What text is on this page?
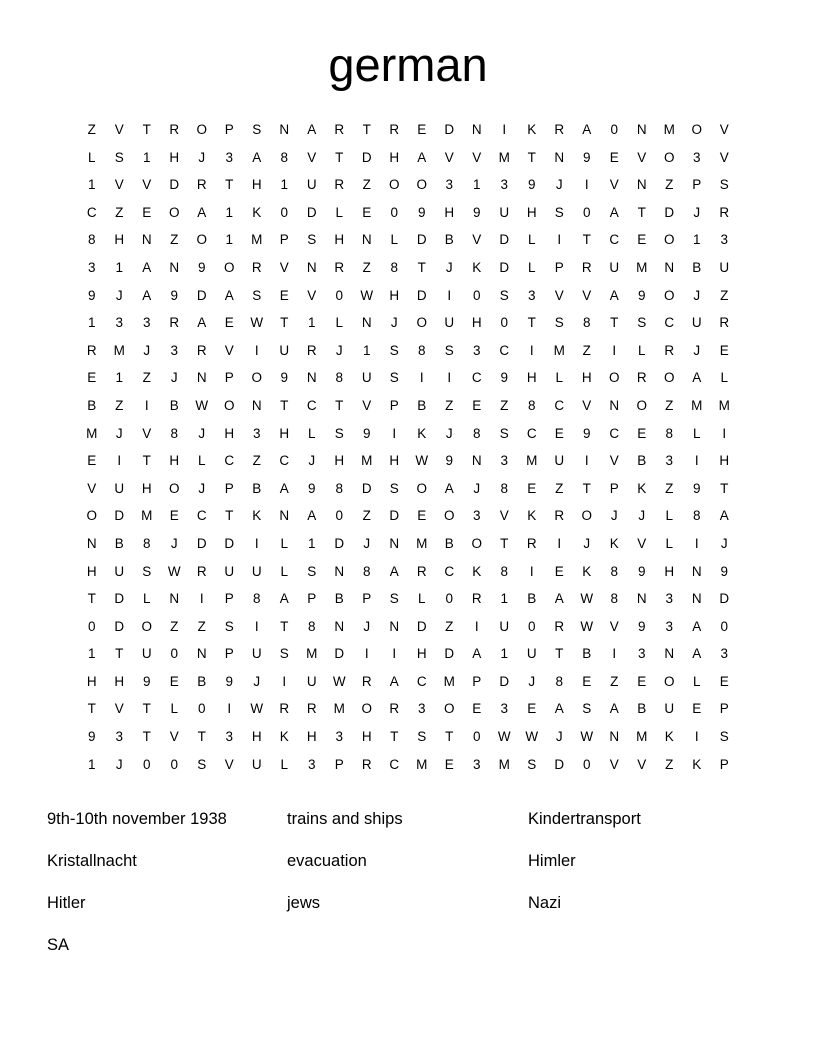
german
Z	V	T	R	O	P	S	N	A	R	T	R	E	D	N	I	K	R	A	0	N	M	O	V
L	S	1	H	J	3	A	8	V	T	D	H	A	V	V	M	T	N	9	E	V	O	3	V
1	V	V	D	R	T	H	1	U	R	Z	O	O	3	1	3	9	J	I	V	N	Z	P	S
C	Z	E	O	A	1	K	0	D	L	E	0	9	H	9	U	H	S	0	A	T	D	J	R
8	H	N	Z	O	1	M	P	S	H	N	L	D	B	V	D	L	I	T	C	E	O	1	3
3	1	A	N	9	O	R	V	N	R	Z	8	T	J	K	D	L	P	R	U	M	N	B	U
9	J	A	9	D	A	S	E	V	0	W	H	D	I	0	S	3	V	V	A	9	O	J	Z
1	3	3	R	A	E	W	T	1	L	N	J	O	U	H	0	T	S	8	T	S	C	U	R
R	M	J	3	R	V	I	U	R	J	1	S	8	S	3	C	I	M	Z	I	L	R	J	E
E	1	Z	J	N	P	O	9	N	8	U	S	I	I	C	9	H	L	H	O	R	O	A	L
B	Z	I	B	W	O	N	T	C	T	V	P	B	Z	E	Z	8	C	V	N	O	Z	M	M
M	J	V	8	J	H	3	H	L	S	9	I	K	J	8	S	C	E	9	C	E	8	L	I
E	I	T	H	L	C	Z	C	J	H	M	H	W	9	N	3	M	U	I	V	B	3	I	H
V	U	H	O	J	P	B	A	9	8	D	S	O	A	J	8	E	Z	T	P	K	Z	9	T
O	D	M	E	C	T	K	N	A	0	Z	D	E	O	3	V	K	R	O	J	J	L	8	A
N	B	8	J	D	D	I	L	1	D	J	N	M	B	O	T	R	I	J	K	V	L	I	J
H	U	S	W	R	U	U	L	S	N	8	A	R	C	K	8	I	E	K	8	9	H	N	9
T	D	L	N	I	P	8	A	P	B	P	S	L	0	R	1	B	A	W	8	N	3	N	D
0	D	O	Z	Z	S	I	T	8	N	J	N	D	Z	I	U	0	R	W	V	9	3	A	0
1	T	U	0	N	P	U	S	M	D	I	I	H	D	A	1	U	T	B	I	3	N	A	3
H	H	9	E	B	9	J	I	U	W	R	A	C	M	P	D	J	8	E	Z	E	O	L	E
T	V	T	L	0	I	W	R	R	M	O	R	3	O	E	3	E	A	S	A	B	U	E	P
9	3	T	V	T	3	H	K	H	3	H	T	S	T	0	W	W	J	W	N	M	K	I	S
1	J	0	0	S	V	U	L	3	P	R	C	M	E	3	M	S	D	0	V	V	Z	K	P
9th-10th november 1938	trains and ships	Kindertransport
Kristallnacht	evacuation	Himler
Hitler	jews	Nazi
SA
